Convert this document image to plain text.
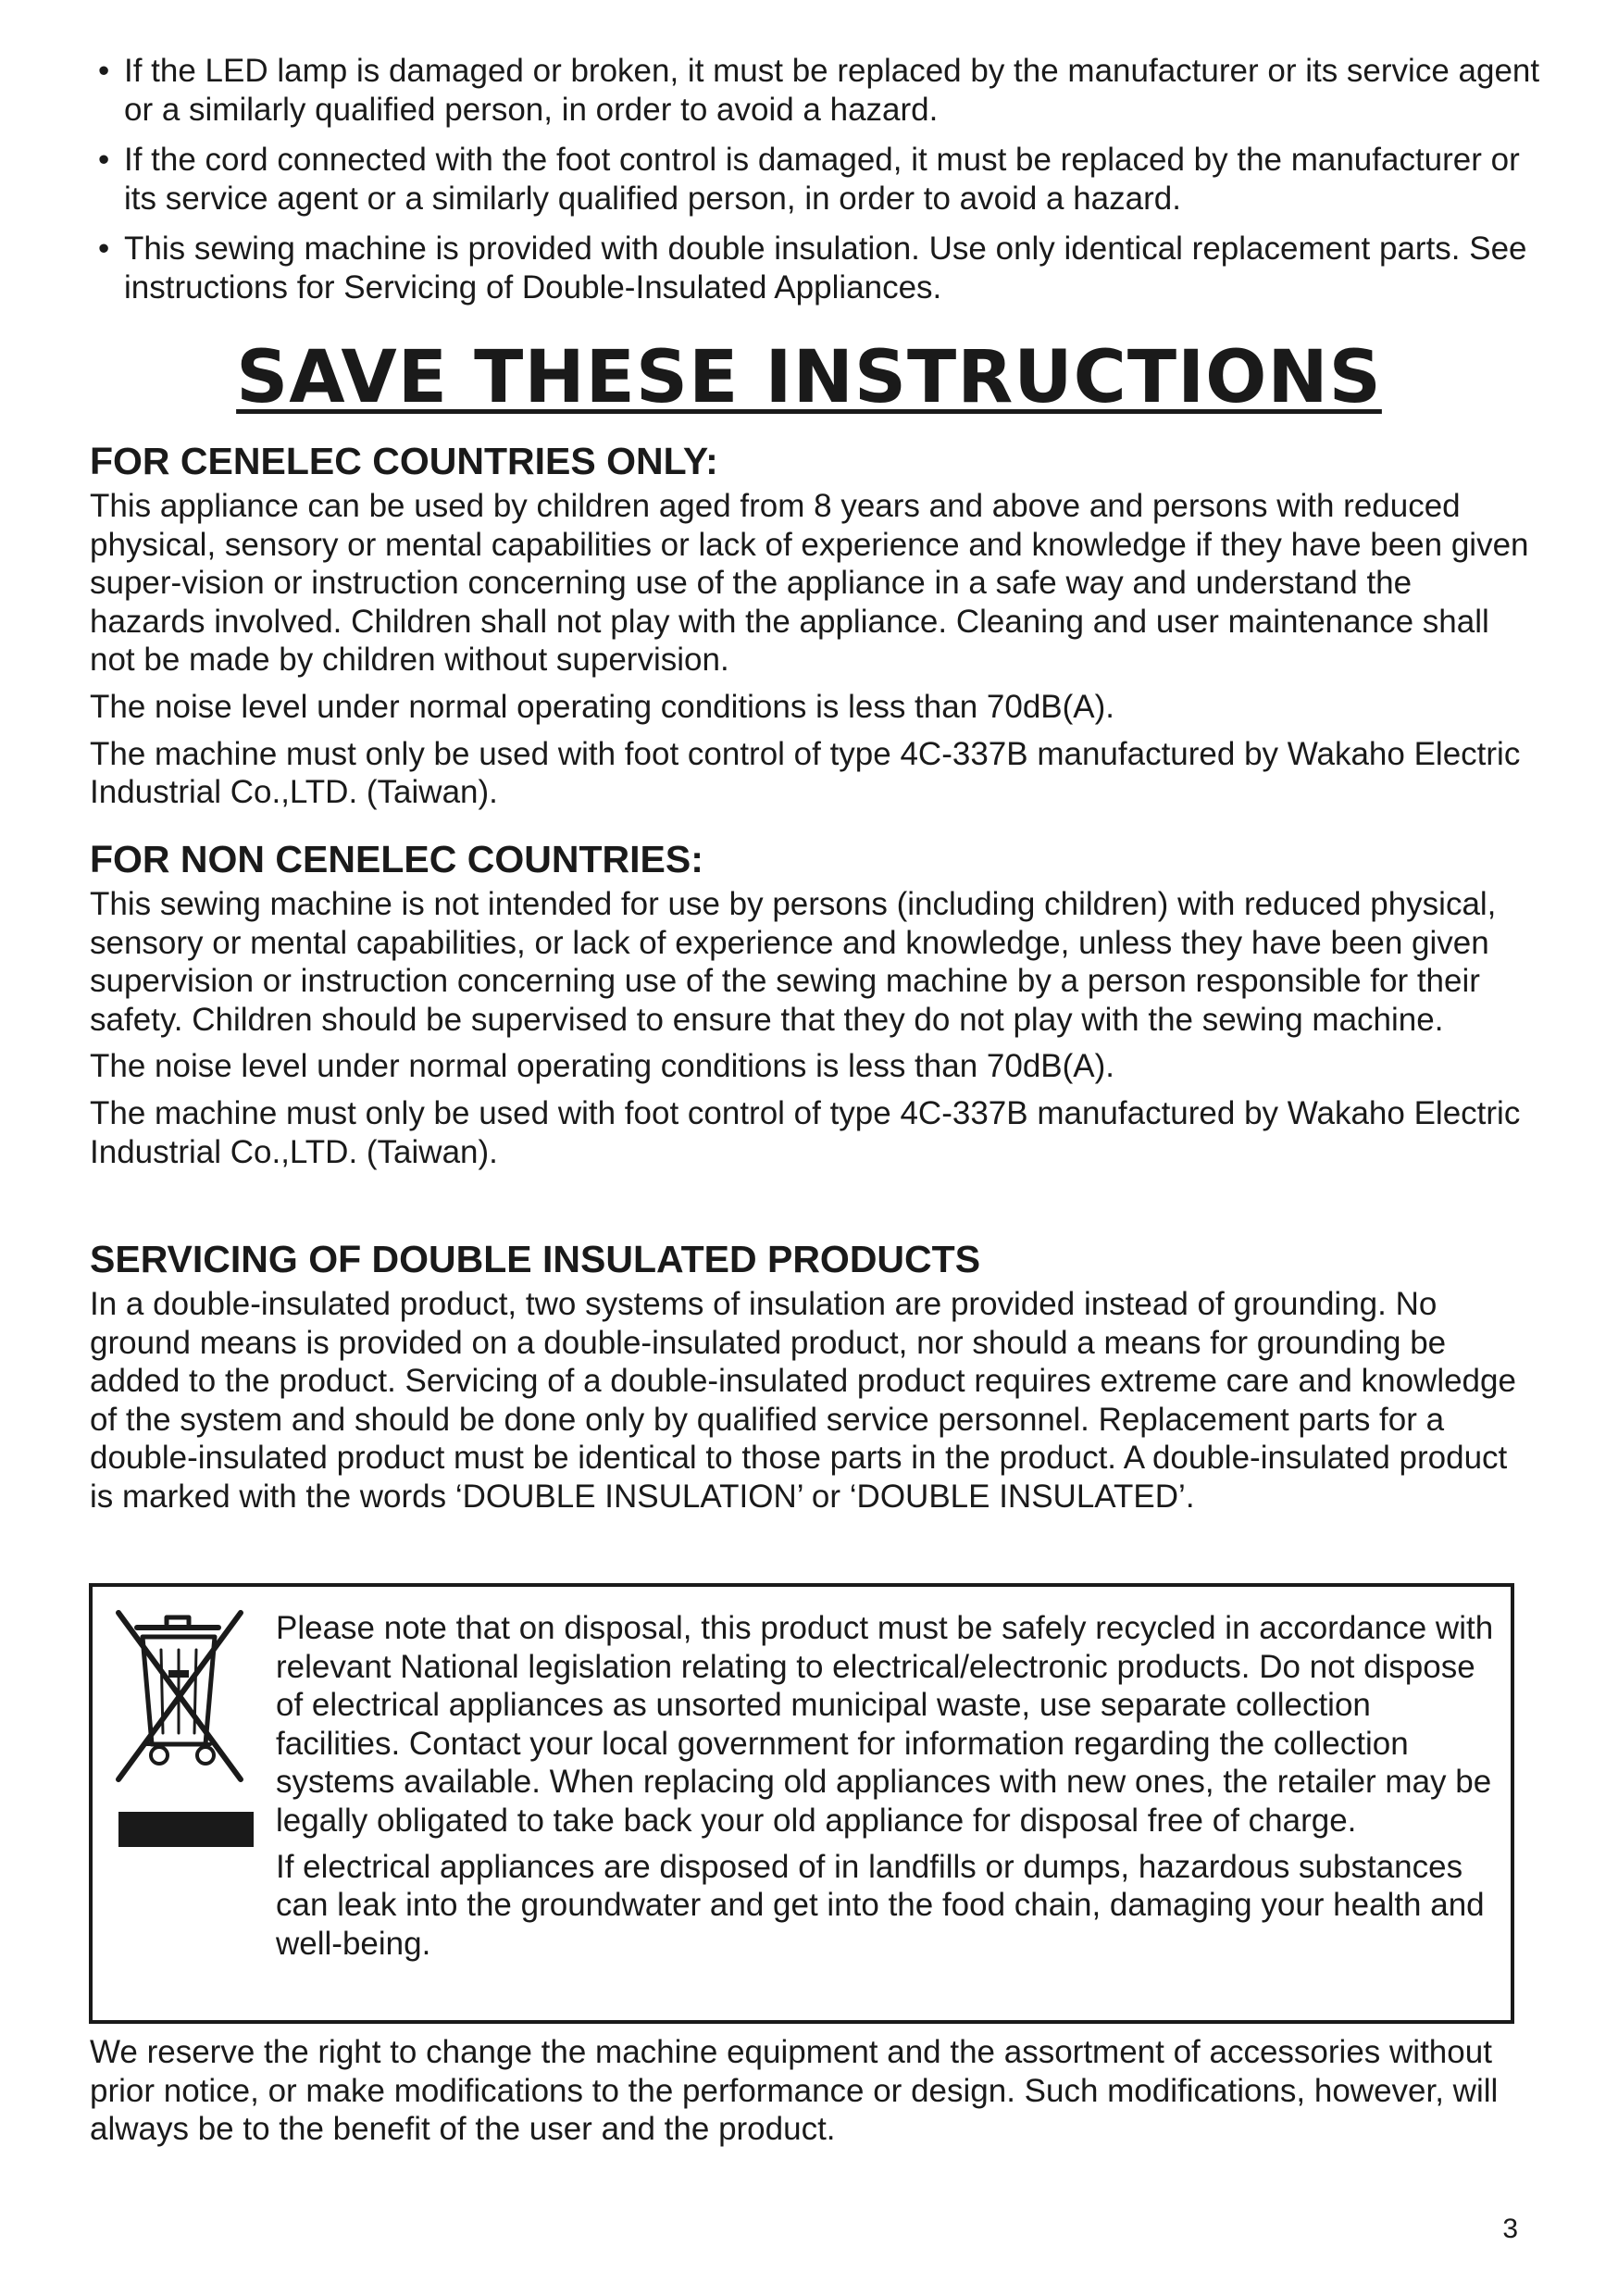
• If the LED lamp is damaged or broken, it must be replaced by the manufacturer or its service agent or a similarly qualified person, in order to avoid a hazard.

• If the cord connected with the foot control is damaged, it must be replaced by the manufacturer or its service agent or a similarly qualified person, in order to avoid a hazard.

• This sewing machine is provided with double insulation. Use only identical replacement parts. See instructions for Servicing of Double-Insulated Appliances.

SAVE THESE INSTRUCTIONS
FOR CENELEC COUNTRIES ONLY:

This appliance can be used by children aged from 8 years and above and persons with reduced physical, sensory or mental capabilities or lack of experience and knowledge if they have been given super-vision or instruction concerning use of the appliance in a safe way and understand the hazards involved. Children shall not play with the appliance. Cleaning and user maintenance shall not be made by children without supervision.

The noise level under normal operating conditions is less than 70dB(A).

The machine must only be used with foot control of type 4C-337B manufactured by Wakaho Electric Industrial Co.,LTD. (Taiwan).

FOR NON CENELEC COUNTRIES:

This sewing machine is not intended for use by persons (including children) with reduced physical, sensory or mental capabilities, or lack of experience and knowledge, unless they have been given supervision or instruction concerning use of the sewing machine by a person responsible for their safety. Children should be supervised to ensure that they do not play with the sewing machine.

The noise level under normal operating conditions is less than 70dB(A).

The machine must only be used with foot control of type 4C-337B manufactured by Wakaho Electric Industrial Co.,LTD. (Taiwan).

SERVICING OF DOUBLE INSULATED PRODUCTS

In a double-insulated product, two systems of insulation are provided instead of grounding. No ground means is provided on a double-insulated product, nor should a means for grounding be added to the product. Servicing of a double-insulated product requires extreme care and knowledge of the system and should be done only by qualified service personnel. Replacement parts for a double-insulated product must be identical to those parts in the product. A double-insulated product is marked with the words ‘DOUBLE INSULATION’ or ‘DOUBLE INSULATED’.

Please note that on disposal, this product must be safely recycled in accordance with relevant National legislation relating to electrical/electronic products. Do not dispose of electrical appliances as unsorted municipal waste, use separate collection facilities. Contact your local government for information regarding the collection systems available. When replacing old appliances with new ones, the retailer may be legally obligated to take back your old appliance for disposal free of charge.

If electrical appliances are disposed of in landfills or dumps, hazardous substances can leak into the groundwater and get into the food chain, damaging your health and well-being.

We reserve the right to change the machine equipment and the assortment of accessories without prior notice, or make modifications to the performance or design. Such modifications, however, will always be to the benefit of the user and the product.

3
